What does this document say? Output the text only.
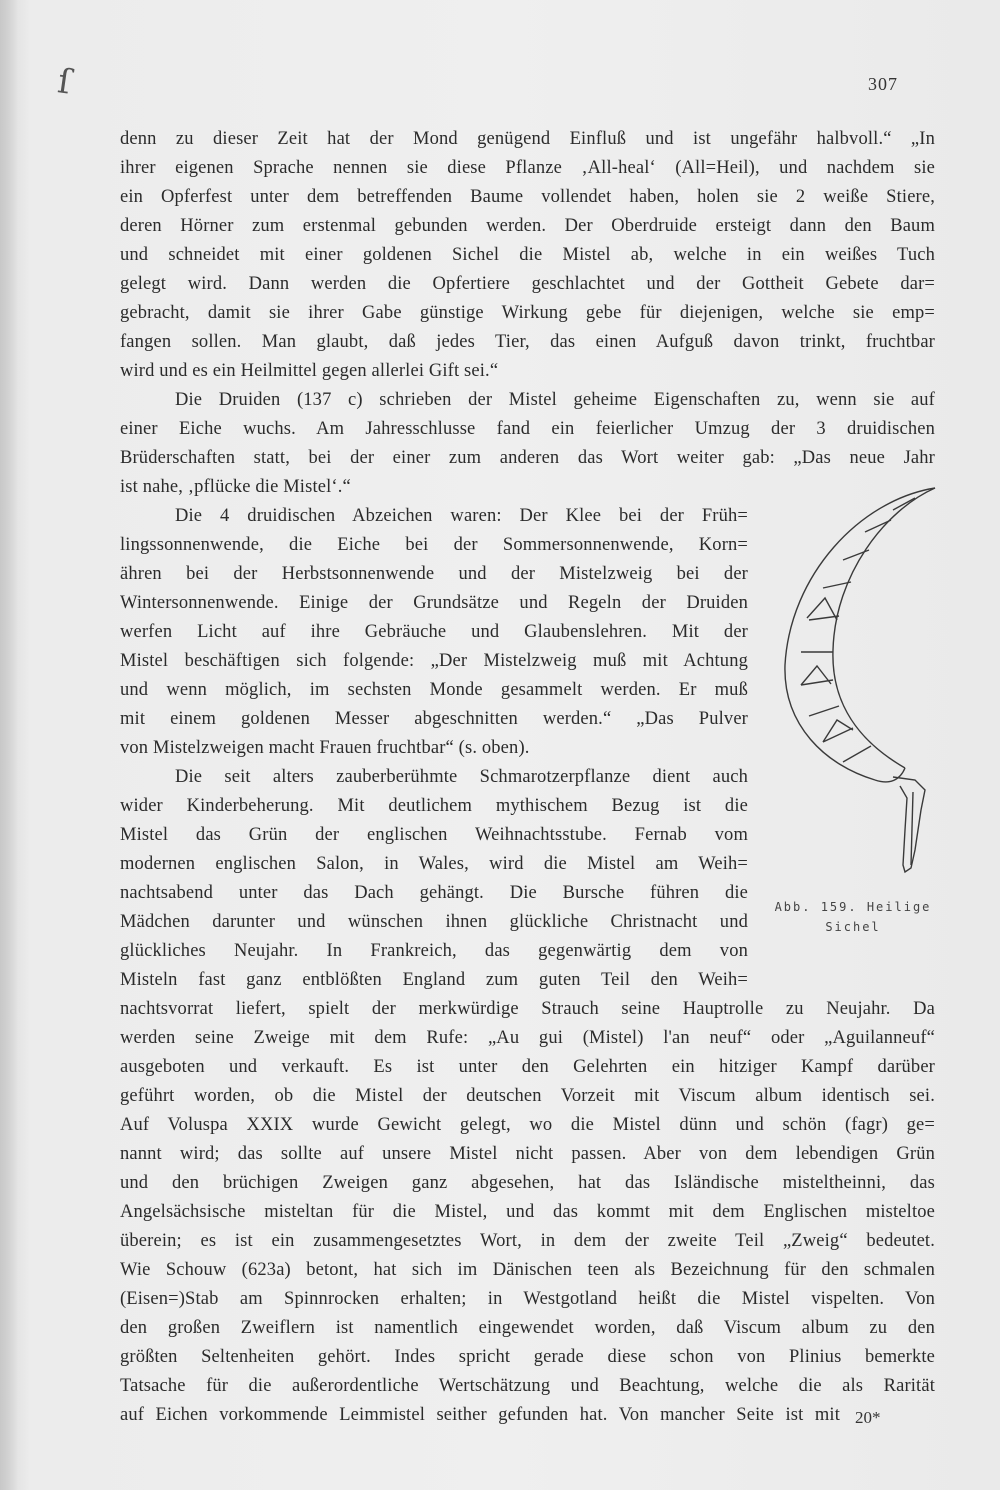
ſ	307
denn zu dieser Zeit hat der Mond genügend Einfluß und ist ungefähr halbvoll.“ „In
ihrer eigenen Sprache nennen sie diese Pflanze ‚All-heal‘ (All=Heil), und nachdem sie
ein Opferfest unter dem betreffenden Baume vollendet haben, holen sie 2 weiße Stiere,
deren Hörner zum erstenmal gebunden werden. Der Oberdruide ersteigt dann den Baum
und schneidet mit einer goldenen Sichel die Mistel ab, welche in ein weißes Tuch
gelegt wird. Dann werden die Opfertiere geschlachtet und der Gottheit Gebete dar=
gebracht, damit sie ihrer Gabe günstige Wirkung gebe für diejenigen, welche sie emp=
fangen sollen. Man glaubt, daß jedes Tier, das einen Aufguß davon trinkt, fruchtbar
wird und es ein Heilmittel gegen allerlei Gift sei.“
Die Druiden (137 c) schrieben der Mistel geheime Eigenschaften zu, wenn sie auf
einer Eiche wuchs. Am Jahresschlusse fand ein feierlicher Umzug der 3 druidischen
Brüderschaften statt, bei der einer zum anderen das Wort weiter gab: „Das neue Jahr
ist nahe, ‚pflücke die Mistel‘.“
Die 4 druidischen Abzeichen waren: Der Klee bei der Früh=
lingssonnenwende, die Eiche bei der Sommersonnenwende, Korn=
ähren bei der Herbstsonnenwende und der Mistelzweig bei der
Wintersonnenwende. Einige der Grundsätze und Regeln der Druiden
werfen Licht auf ihre Gebräuche und Glaubenslehren. Mit der
Mistel beschäftigen sich folgende: „Der Mistelzweig muß mit Achtung
und wenn möglich, im sechsten Monde gesammelt werden. Er muß
mit einem goldenen Messer abgeschnitten werden.“ „Das Pulver
von Mistelzweigen macht Frauen fruchtbar“ (s. oben).
Die seit alters zauberberühmte Schmarotzerpflanze dient auch
wider Kinderbeherung. Mit deutlichem mythischem Bezug ist die
Mistel das Grün der englischen Weihnachtsstube. Fernab vom
modernen englischen Salon, in Wales, wird die Mistel am Weih=
nachtsabend unter das Dach gehängt. Die Bursche führen die
Mädchen darunter und wünschen ihnen glückliche Christnacht und
glückliches Neujahr. In Frankreich, das gegenwärtig dem von
Misteln fast ganz entblößten England zum guten Teil den Weih=
nachtsvorrat liefert, spielt der merkwürdige Strauch seine Hauptrolle zu Neujahr. Da
werden seine Zweige mit dem Rufe: „Au gui (Mistel) l'an neuf“ oder „Aguilanneuf“
ausgeboten und verkauft. Es ist unter den Gelehrten ein hitziger Kampf darüber
geführt worden, ob die Mistel der deutschen Vorzeit mit Viscum album identisch sei.
Auf Voluspa XXIX wurde Gewicht gelegt, wo die Mistel dünn und schön (fagr) ge=
nannt wird; das sollte auf unsere Mistel nicht passen. Aber von dem lebendigen Grün
und den brüchigen Zweigen ganz abgesehen, hat das Isländische misteltheinni, das
Angelsächsische misteltan für die Mistel, und das kommt mit dem Englischen misteltoe
überein; es ist ein zusammengesetztes Wort, in dem der zweite Teil „Zweig“ bedeutet.
Wie Schouw (623a) betont, hat sich im Dänischen teen als Bezeichnung für den schmalen
(Eisen=)Stab am Spinnrocken erhalten; in Westgotland heißt die Mistel vispelten. Von
den großen Zweiflern ist namentlich eingewendet worden, daß Viscum album zu den
größten Seltenheiten gehört. Indes spricht gerade diese schon von Plinius bemerkte
Tatsache für die außerordentliche Wertschätzung und Beachtung, welche die als Rarität
auf Eichen vorkommende Leimmistel seither gefunden hat. Von mancher Seite ist mit
Abb. 159. Heilige
Sichel
20*
